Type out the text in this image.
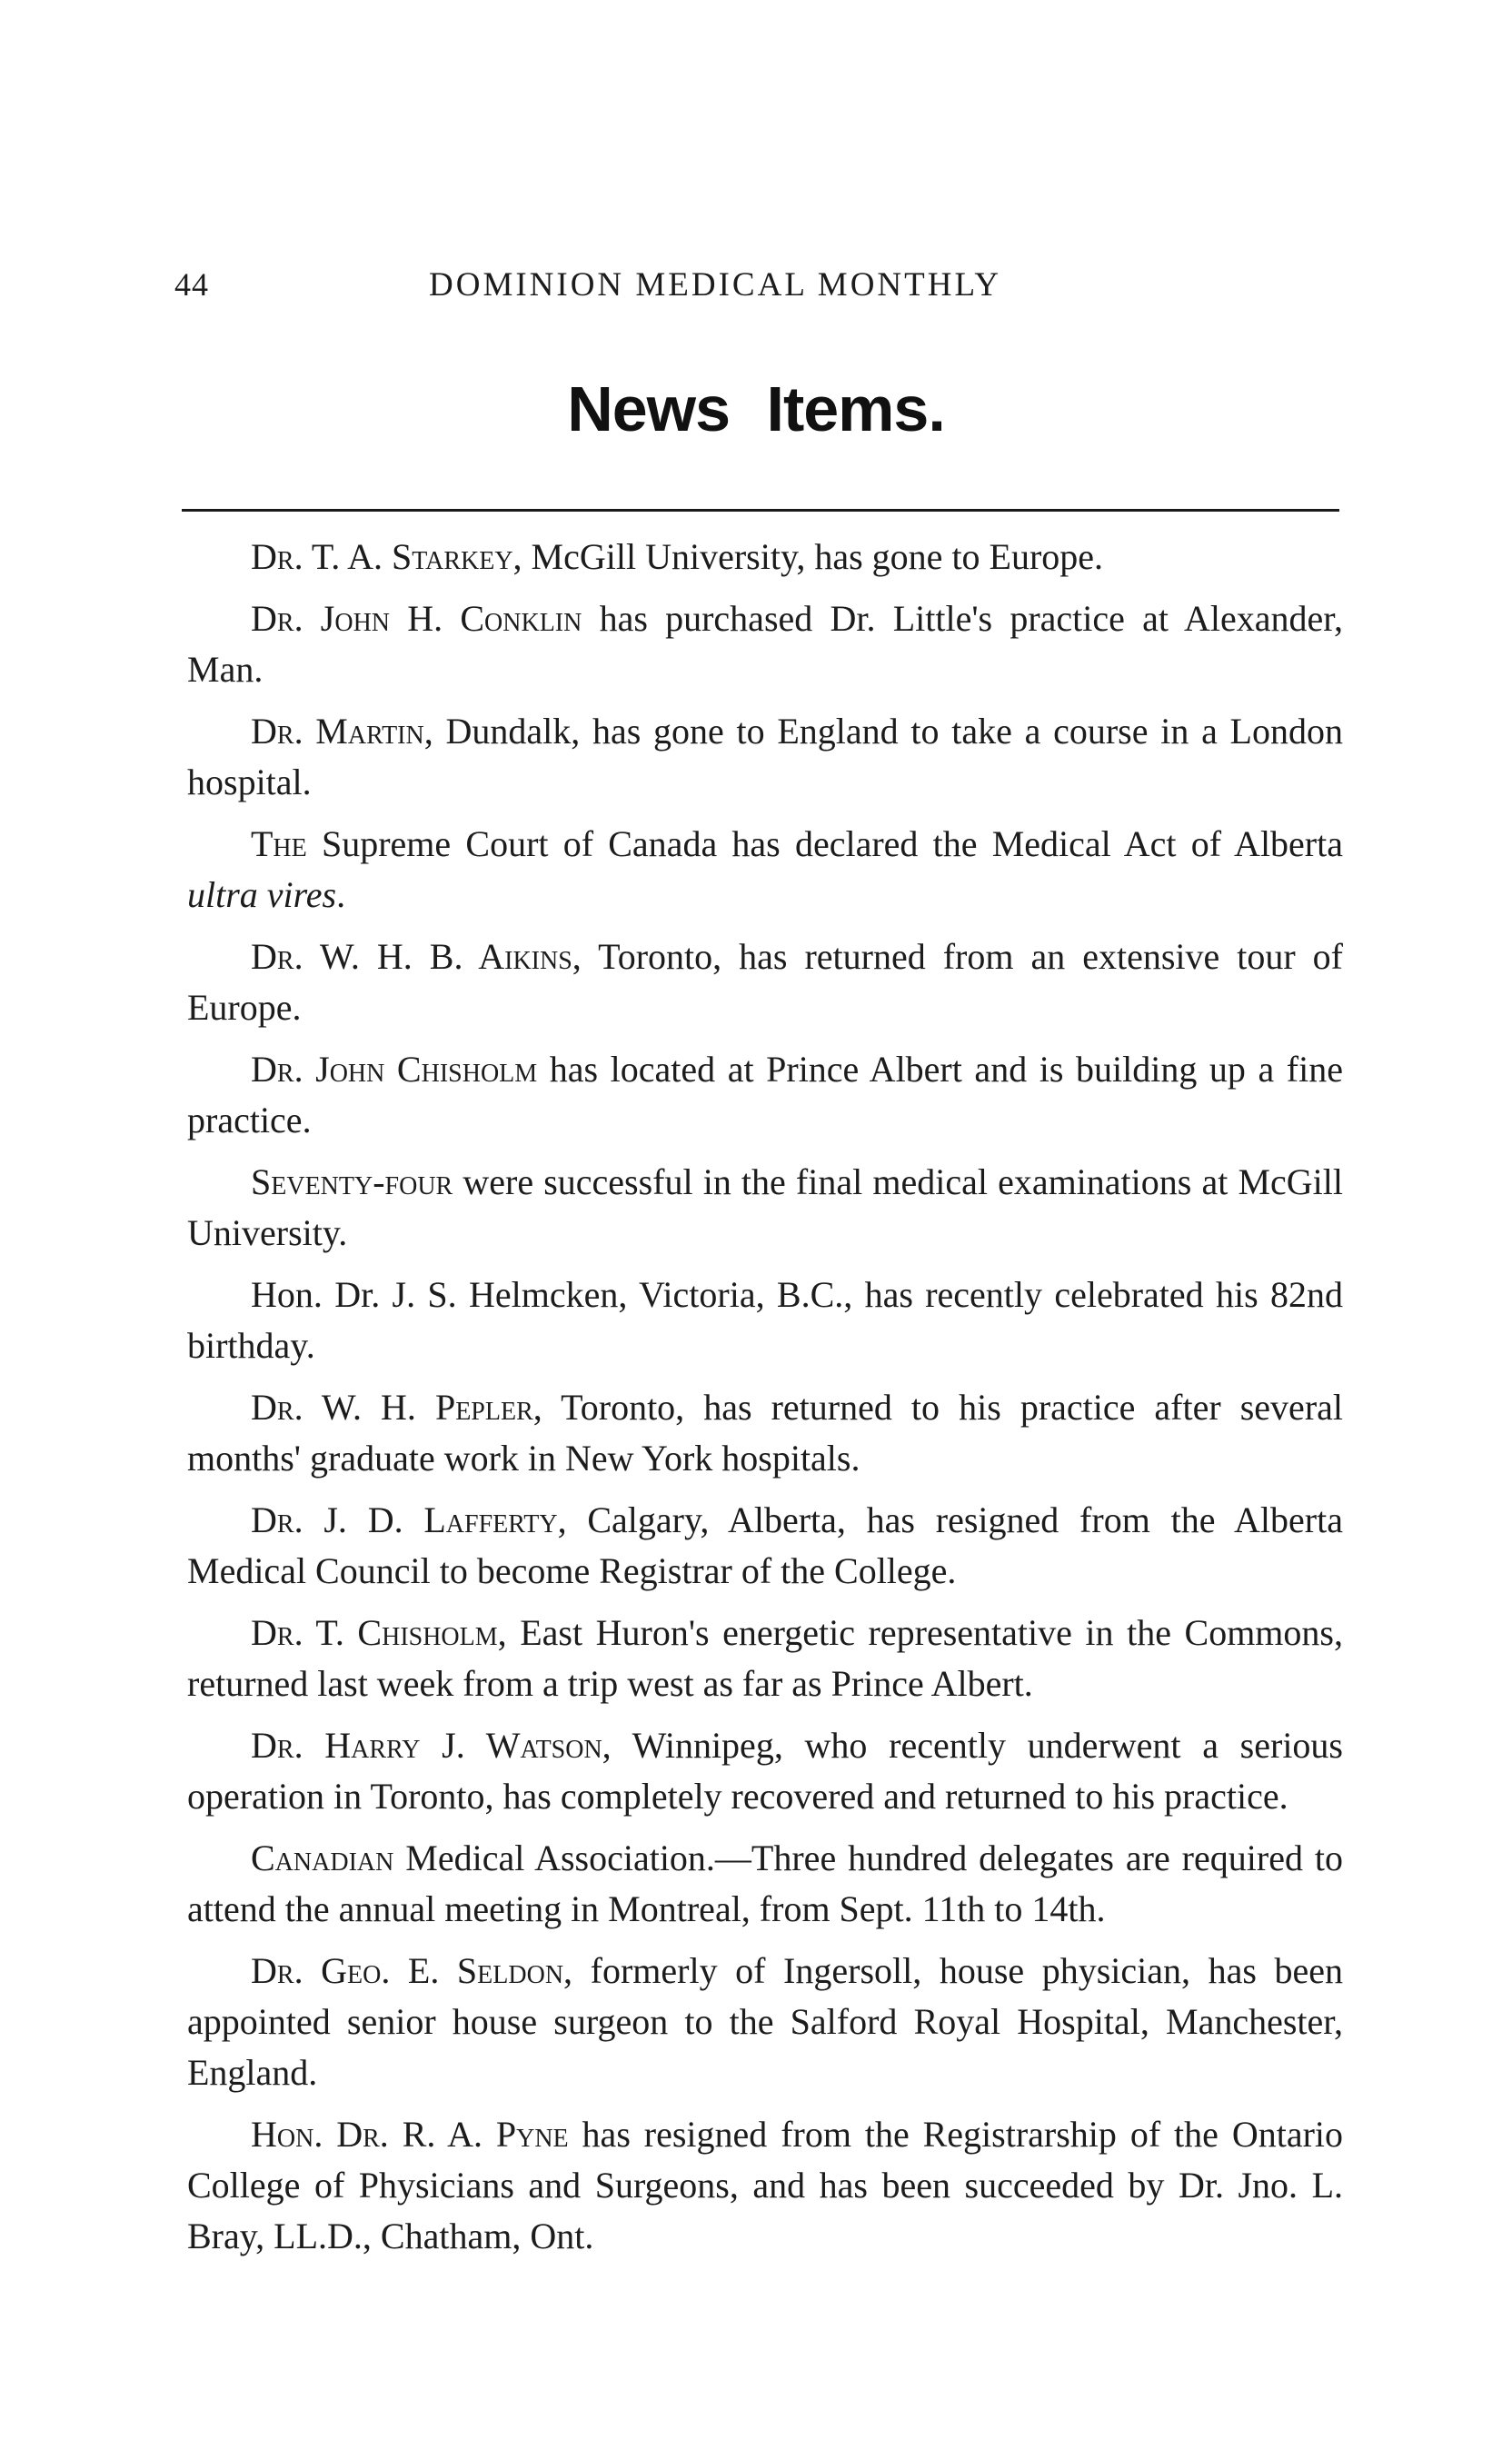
44	DOMINION MEDICAL MONTHLY
News Items.

Dr. T. A. Starkey, McGill University, has gone to Europe.

Dr. John H. Conklin has purchased Dr. Little's practice at Alexander, Man.

Dr. Martin, Dundalk, has gone to England to take a course in a London hospital.

The Supreme Court of Canada has declared the Medical Act of Alberta ultra vires.

Dr. W. H. B. Aikins, Toronto, has returned from an extensive tour of Europe.

Dr. John Chisholm has located at Prince Albert and is building up a fine practice.

Seventy-four were successful in the final medical examinations at McGill University.

Hon. Dr. J. S. Helmcken, Victoria, B.C., has recently celebrated his 82nd birthday.

Dr. W. H. Pepler, Toronto, has returned to his practice after several months' graduate work in New York hospitals.

Dr. J. D. Lafferty, Calgary, Alberta, has resigned from the Alberta Medical Council to become Registrar of the College.

Dr. T. Chisholm, East Huron's energetic representative in the Commons, returned last week from a trip west as far as Prince Albert.

Dr. Harry J. Watson, Winnipeg, who recently underwent a serious operation in Toronto, has completely recovered and returned to his practice.

Canadian Medical Association.—Three hundred delegates are required to attend the annual meeting in Montreal, from Sept. 11th to 14th.

Dr. Geo. E. Seldon, formerly of Ingersoll, house physician, has been appointed senior house surgeon to the Salford Royal Hospital, Manchester, England.

Hon. Dr. R. A. Pyne has resigned from the Registrarship of the Ontario College of Physicians and Surgeons, and has been succeeded by Dr. Jno. L. Bray, LL.D., Chatham, Ont.
